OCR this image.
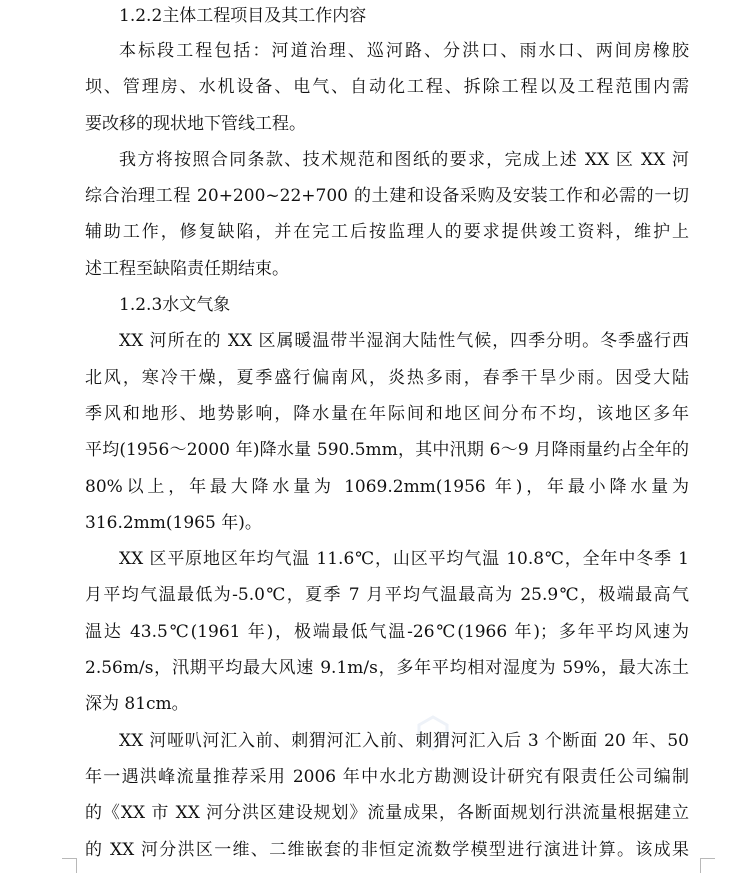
1.2.2主体工程项目及其工作内容
本标段工程包括：河道治理、巡河路、分洪口、雨水口、两间房橡胶
坝、管理房、水机设备、电气、自动化工程、拆除工程以及工程范围内需
要改移的现状地下管线工程。
我方将按照合同条款、技术规范和图纸的要求，完成上述 XX 区 XX 河
综合治理工程 20+200~22+700 的土建和设备采购及安装工作和必需的一切
辅助工作，修复缺陷，并在完工后按监理人的要求提供竣工资料，维护上
述工程至缺陷责任期结束。
1.2.3水文气象
XX 河所在的 XX 区属暖温带半湿润大陆性气候，四季分明。冬季盛行西
北风，寒冷干燥，夏季盛行偏南风，炎热多雨，春季干旱少雨。因受大陆
季风和地形、地势影响，降水量在年际间和地区间分布不均，该地区多年
平均(1956～2000 年)降水量 590.5mm，其中汛期 6～9 月降雨量约占全年的
80%以上，年最大降水量为 1069.2mm(1956 年)，年最小降水量为
316.2mm(1965 年)。
XX 区平原地区年均气温 11.6℃，山区平均气温 10.8℃，全年中冬季 1
月平均气温最低为-5.0℃，夏季 7 月平均气温最高为 25.9℃，极端最高气
温达 43.5℃(1961 年)，极端最低气温-26℃(1966 年)；多年平均风速为
2.56m/s，汛期平均最大风速 9.1m/s，多年平均相对湿度为 59%，最大冻土
深为 81cm。
XX 河哑叭河汇入前、刺猬河汇入前、刺猬河汇入后 3 个断面 20 年、50
年一遇洪峰流量推荐采用 2006 年中水北方勘测设计研究有限责任公司编制
的《XX 市 XX 河分洪区建设规划》流量成果，各断面规划行洪流量根据建立
的 XX 河分洪区一维、二维嵌套的非恒定流数学模型进行演进计算。该成果
